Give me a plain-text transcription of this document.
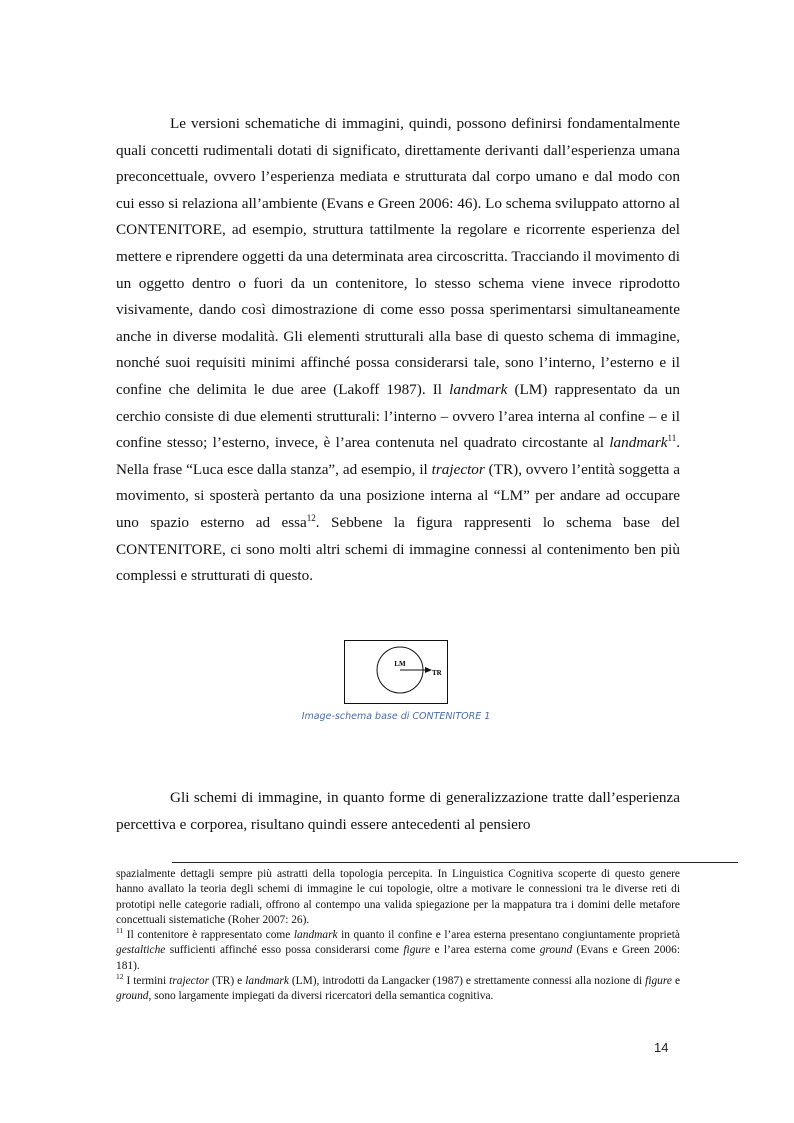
Le versioni schematiche di immagini, quindi, possono definirsi fondamentalmente quali concetti rudimentali dotati di significato, direttamente derivanti dall’esperienza umana preconcettuale, ovvero l’esperienza mediata e strutturata dal corpo umano e dal modo con cui esso si relaziona all’ambiente (Evans e Green 2006: 46). Lo schema sviluppato attorno al CONTENITORE, ad esempio, struttura tattilmente la regolare e ricorrente esperienza del mettere e riprendere oggetti da una determinata area circoscritta. Tracciando il movimento di un oggetto dentro o fuori da un contenitore, lo stesso schema viene invece riprodotto visivamente, dando così dimostrazione di come esso possa sperimentarsi simultaneamente anche in diverse modalità. Gli elementi strutturali alla base di questo schema di immagine, nonché suoi requisiti minimi affinché possa considerarsi tale, sono l’interno, l’esterno e il confine che delimita le due aree (Lakoff 1987). Il landmark (LM) rappresentato da un cerchio consiste di due elementi strutturali: l’interno – ovvero l’area interna al confine – e il confine stesso; l’esterno, invece, è l’area contenuta nel quadrato circostante al landmark$^{11}$. Nella frase “Luca esce dalla stanza”, ad esempio, il trajector (TR), ovvero l’entità soggetta a movimento, si sposterà pertanto da una posizione interna al “LM” per andare ad occupare uno spazio esterno ad essa$^{12}$. Sebbene la figura rappresenti lo schema base del CONTENITORE, ci sono molti altri schemi di immagine connessi al contenimento ben più complessi e strutturati di questo.

LM
TR
Image-schema base di CONTENITORE 1

Gli schemi di immagine, in quanto forme di generalizzazione tratte dall’esperienza percettiva e corporea, risultano quindi essere antecedenti al pensiero

spazialmente dettagli sempre più astratti della topologia percepita. In Linguistica Cognitiva scoperte di questo genere hanno avallato la teoria degli schemi di immagine le cui topologie, oltre a motivare le connessioni tra le diverse reti di prototipi nelle categorie radiali, offrono al contempo una valida spiegazione per la mappatura tra i domini delle metafore concettuali sistematiche (Roher 2007: 26).

$^{11}$ Il contenitore è rappresentato come landmark in quanto il confine e l’area esterna presentano congiuntamente proprietà gestaltiche sufficienti affinché esso possa considerarsi come figure e l’area esterna come ground (Evans e Green 2006: 181).

$^{12}$ I termini trajector (TR) e landmark (LM), introdotti da Langacker (1987) e strettamente connessi alla nozione di figure e ground, sono largamente impiegati da diversi ricercatori della semantica cognitiva.

14
